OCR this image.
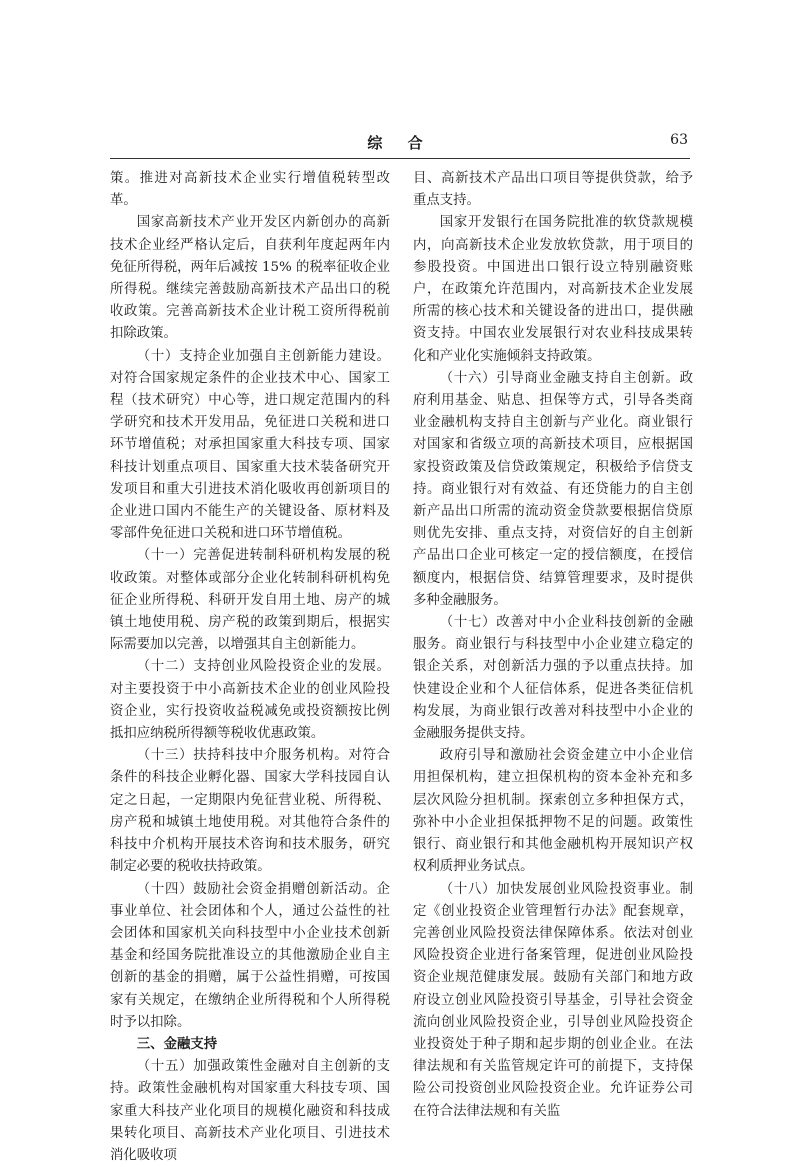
综 合	63

策。推进对高新技术企业实行增值税转型改革。

国家高新技术产业开发区内新创办的高新技术企业经严格认定后，自获利年度起两年内免征所得税，两年后减按 15% 的税率征收企业所得税。继续完善鼓励高新技术产品出口的税收政策。完善高新技术企业计税工资所得税前扣除政策。

（十）支持企业加强自主创新能力建设。对符合国家规定条件的企业技术中心、国家工程（技术研究）中心等，进口规定范围内的科学研究和技术开发用品，免征进口关税和进口环节增值税；对承担国家重大科技专项、国家科技计划重点项目、国家重大技术装备研究开发项目和重大引进技术消化吸收再创新项目的企业进口国内不能生产的关键设备、原材料及零部件免征进口关税和进口环节增值税。

（十一）完善促进转制科研机构发展的税收政策。对整体或部分企业化转制科研机构免征企业所得税、科研开发自用土地、房产的城镇土地使用税、房产税的政策到期后，根据实际需要加以完善，以增强其自主创新能力。

（十二）支持创业风险投资企业的发展。对主要投资于中小高新技术企业的创业风险投资企业，实行投资收益税减免或投资额按比例抵扣应纳税所得额等税收优惠政策。

（十三）扶持科技中介服务机构。对符合条件的科技企业孵化器、国家大学科技园自认定之日起，一定期限内免征营业税、所得税、房产税和城镇土地使用税。对其他符合条件的科技中介机构开展技术咨询和技术服务，研究制定必要的税收扶持政策。

（十四）鼓励社会资金捐赠创新活动。企事业单位、社会团体和个人，通过公益性的社会团体和国家机关向科技型中小企业技术创新基金和经国务院批准设立的其他激励企业自主创新的基金的捐赠，属于公益性捐赠，可按国家有关规定，在缴纳企业所得税和个人所得税时予以扣除。

三、金融支持

（十五）加强政策性金融对自主创新的支持。政策性金融机构对国家重大科技专项、国家重大科技产业化项目的规模化融资和科技成果转化项目、高新技术产业化项目、引进技术消化吸收项

目、高新技术产品出口项目等提供贷款，给予重点支持。

国家开发银行在国务院批准的软贷款规模内，向高新技术企业发放软贷款，用于项目的参股投资。中国进出口银行设立特别融资账户，在政策允许范围内，对高新技术企业发展所需的核心技术和关键设备的进出口，提供融资支持。中国农业发展银行对农业科技成果转化和产业化实施倾斜支持政策。

（十六）引导商业金融支持自主创新。政府利用基金、贴息、担保等方式，引导各类商业金融机构支持自主创新与产业化。商业银行对国家和省级立项的高新技术项目，应根据国家投资政策及信贷政策规定，积极给予信贷支持。商业银行对有效益、有还贷能力的自主创新产品出口所需的流动资金贷款要根据信贷原则优先安排、重点支持，对资信好的自主创新产品出口企业可核定一定的授信额度，在授信额度内，根据信贷、结算管理要求，及时提供多种金融服务。

（十七）改善对中小企业科技创新的金融服务。商业银行与科技型中小企业建立稳定的银企关系，对创新活力强的予以重点扶持。加快建设企业和个人征信体系，促进各类征信机构发展，为商业银行改善对科技型中小企业的金融服务提供支持。

政府引导和激励社会资金建立中小企业信用担保机构，建立担保机构的资本金补充和多层次风险分担机制。探索创立多种担保方式，弥补中小企业担保抵押物不足的问题。政策性银行、商业银行和其他金融机构开展知识产权权利质押业务试点。

（十八）加快发展创业风险投资事业。制定《创业投资企业管理暂行办法》配套规章，完善创业风险投资法律保障体系。依法对创业风险投资企业进行备案管理，促进创业风险投资企业规范健康发展。鼓励有关部门和地方政府设立创业风险投资引导基金，引导社会资金流向创业风险投资企业，引导创业风险投资企业投资处于种子期和起步期的创业企业。在法律法规和有关监管规定许可的前提下，支持保险公司投资创业风险投资企业。允许证券公司在符合法律法规和有关监
